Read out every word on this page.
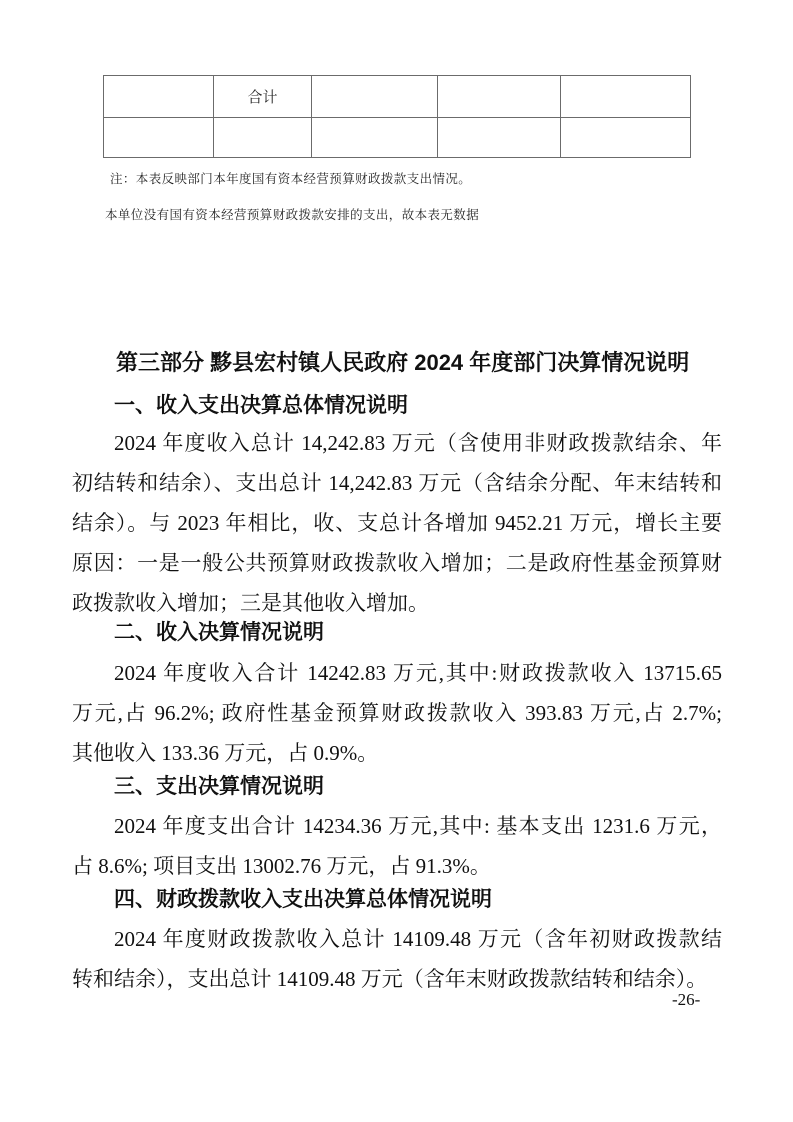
	合计			

注：本表反映部门本年度国有资本经营预算财政拨款支出情况。
本单位没有国有资本经营预算财政拨款安排的支出，故本表无数据
第三部分 黟县宏村镇人民政府 2024 年度部门决算情况说明
一、收入支出决算总体情况说明
2024 年度收入总计 14,242.83 万元（含使用非财政拨款结余、年
初结转和结余）、支出总计 14,242.83 万元（含结余分配、年末结转和
结余）。与 2023 年相比，收、支总计各增加 9452.21 万元，增长主要
原因：一是一般公共预算财政拨款收入增加；二是政府性基金预算财
政拨款收入增加；三是其他收入增加。
二、收入决算情况说明
2024 年度收入合计 14242.83 万元,其中:财政拨款收入 13715.65
万元,占 96.2%; 政府性基金预算财政拨款收入 393.83 万元,占 2.7%;
其他收入 133.36 万元，占 0.9%。
三、支出决算情况说明
2024 年度支出合计 14234.36 万元,其中: 基本支出 1231.6 万元，
占 8.6%; 项目支出 13002.76 万元，占 91.3%。
四、财政拨款收入支出决算总体情况说明
2024 年度财政拨款收入总计 14109.48 万元（含年初财政拨款结
转和结余），支出总计 14109.48 万元（含年末财政拨款结转和结余）。
-26-
